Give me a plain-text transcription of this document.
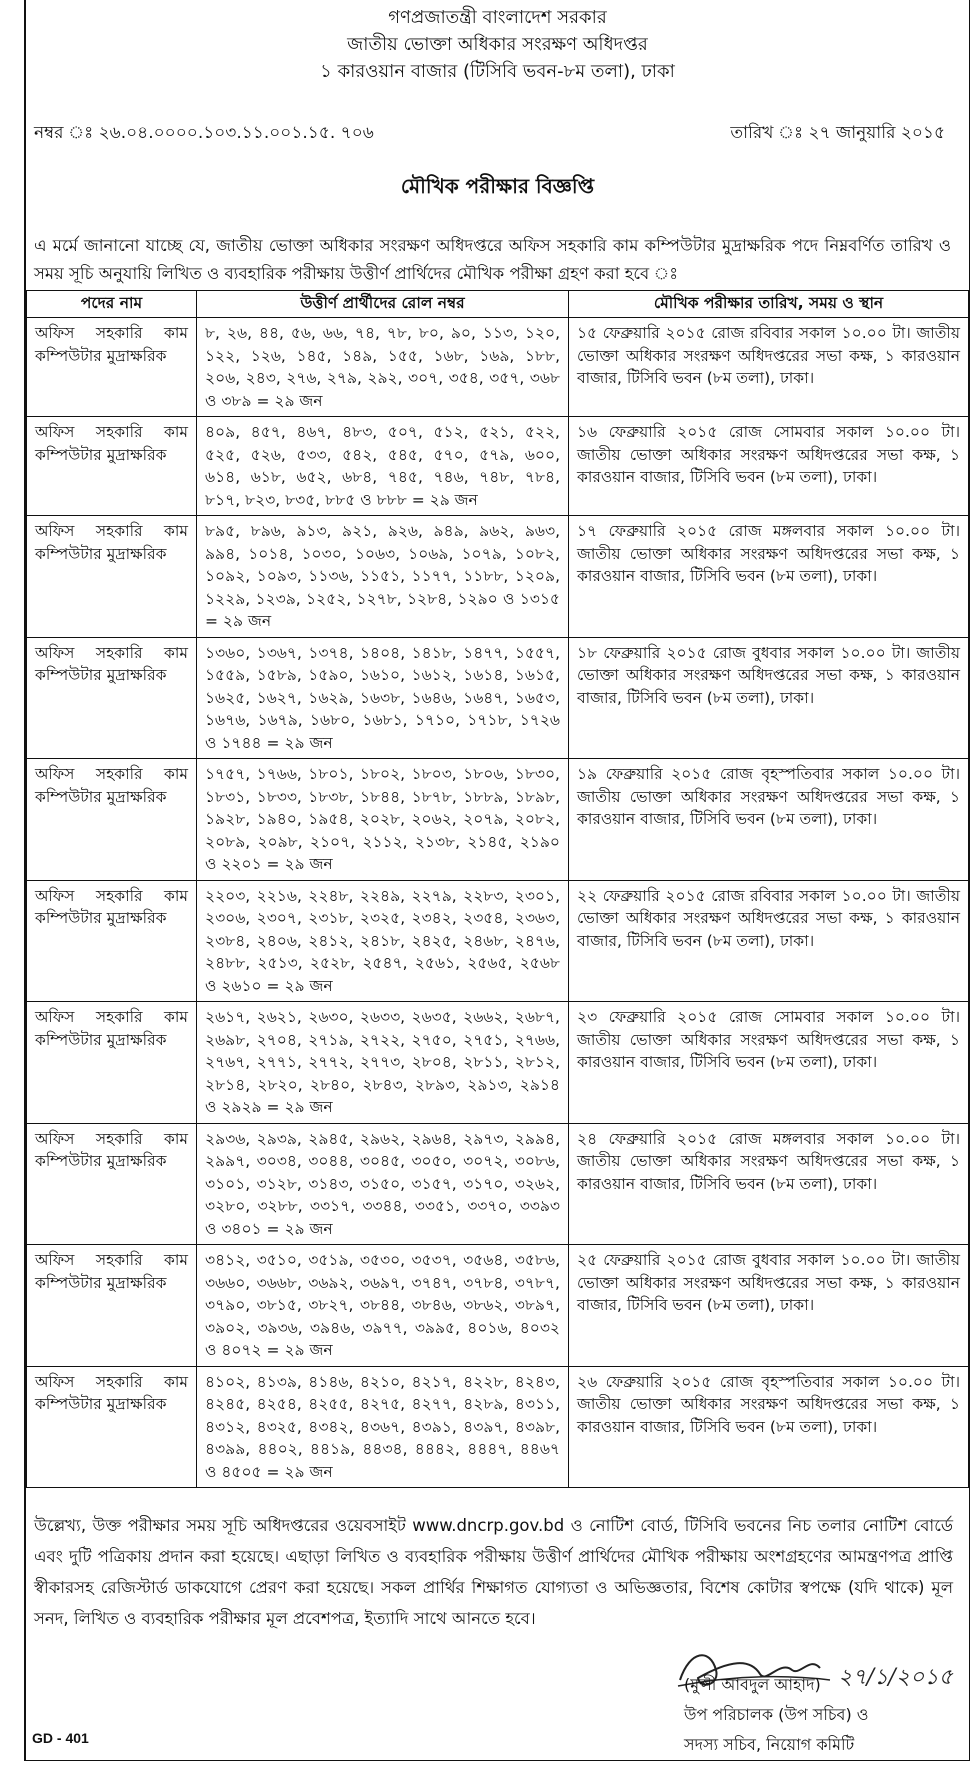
গণপ্রজাতন্ত্রী বাংলাদেশ সরকার
জাতীয় ভোক্তা অধিকার সংরক্ষণ অধিদপ্তর
১ কারওয়ান বাজার (টিসিবি ভবন-৮ম তলা), ঢাকা
নম্বর ঃ ২৬.০৪.০০০০.১০৩.১১.০০১.১৫. ৭০৬	তারিখ ঃ ২৭ জানুয়ারি ২০১৫
মৌখিক পরীক্ষার বিজ্ঞপ্তি
এ মর্মে জানানো যাচ্ছে যে, জাতীয় ভোক্তা অধিকার সংরক্ষণ অধিদপ্তরে অফিস সহকারি কাম কম্পিউটার মুদ্রাক্ষরিক পদে নিম্নবর্ণিত তারিখ ও সময় সূচি অনুযায়ি লিখিত ও ব্যবহারিক পরীক্ষায় উত্তীর্ণ প্রার্থিদের মৌখিক পরীক্ষা গ্রহণ করা হবে ঃ
পদের নাম	উত্তীর্ণ প্রার্থীদের রোল নম্বর	মৌখিক পরীক্ষার তারিখ, সময় ও স্থান
অফিস সহকারি কাম কম্পিউটার মুদ্রাক্ষরিক	৮, ২৬, ৪৪, ৫৬, ৬৬, ৭৪, ৭৮, ৮০, ৯০, ১১৩, ১২০, ১২২, ১২৬, ১৪৫, ১৪৯, ১৫৫, ১৬৮, ১৬৯, ১৮৮, ২০৬, ২৪৩, ২৭৬, ২৭৯, ২৯২, ৩০৭, ৩৫৪, ৩৫৭, ৩৬৮ ও ৩৮৯ = ২৯ জন	১৫ ফেব্রুয়ারি ২০১৫ রোজ রবিবার সকাল ১০.০০ টা। জাতীয় ভোক্তা অধিকার সংরক্ষণ অধিদপ্তরের সভা কক্ষ, ১ কারওয়ান বাজার, টিসিবি ভবন (৮ম তলা), ঢাকা।
অফিস সহকারি কাম কম্পিউটার মুদ্রাক্ষরিক	৪০৯, ৪৫৭, ৪৬৭, ৪৮৩, ৫০৭, ৫১২, ৫২১, ৫২২, ৫২৫, ৫২৬, ৫৩৩, ৫৪২, ৫৪৫, ৫৭০, ৫৭৯, ৬০০, ৬১৪, ৬১৮, ৬৫২, ৬৮৪, ৭৪৫, ৭৪৬, ৭৪৮, ৭৮৪, ৮১৭, ৮২৩, ৮৩৫, ৮৮৫ ও ৮৮৮ = ২৯ জন	১৬ ফেব্রুয়ারি ২০১৫ রোজ সোমবার সকাল ১০.০০ টা। জাতীয় ভোক্তা অধিকার সংরক্ষণ অধিদপ্তরের সভা কক্ষ, ১ কারওয়ান বাজার, টিসিবি ভবন (৮ম তলা), ঢাকা।
অফিস সহকারি কাম কম্পিউটার মুদ্রাক্ষরিক	৮৯৫, ৮৯৬, ৯১৩, ৯২১, ৯২৬, ৯৪৯, ৯৬২, ৯৬৩, ৯৯৪, ১০১৪, ১০৩০, ১০৬৩, ১০৬৯, ১০৭৯, ১০৮২, ১০৯২, ১০৯৩, ১১৩৬, ১১৫১, ১১৭৭, ১১৮৮, ১২০৯, ১২২৯, ১২৩৯, ১২৫২, ১২৭৮, ১২৮৪, ১২৯০ ও ১৩১৫ = ২৯ জন	১৭ ফেব্রুয়ারি ২০১৫ রোজ মঙ্গলবার সকাল ১০.০০ টা। জাতীয় ভোক্তা অধিকার সংরক্ষণ অধিদপ্তরের সভা কক্ষ, ১ কারওয়ান বাজার, টিসিবি ভবন (৮ম তলা), ঢাকা।
অফিস সহকারি কাম কম্পিউটার মুদ্রাক্ষরিক	১৩৬০, ১৩৬৭, ১৩৭৪, ১৪০৪, ১৪১৮, ১৪৭৭, ১৫৫৭, ১৫৫৯, ১৫৮৯, ১৫৯০, ১৬১০, ১৬১২, ১৬১৪, ১৬১৫, ১৬২৫, ১৬২৭, ১৬২৯, ১৬৩৮, ১৬৪৬, ১৬৪৭, ১৬৫৩, ১৬৭৬, ১৬৭৯, ১৬৮০, ১৬৮১, ১৭১০, ১৭১৮, ১৭২৬ ও ১৭৪৪ = ২৯ জন	১৮ ফেব্রুয়ারি ২০১৫ রোজ বুধবার সকাল ১০.০০ টা। জাতীয় ভোক্তা অধিকার সংরক্ষণ অধিদপ্তরের সভা কক্ষ, ১ কারওয়ান বাজার, টিসিবি ভবন (৮ম তলা), ঢাকা।
অফিস সহকারি কাম কম্পিউটার মুদ্রাক্ষরিক	১৭৫৭, ১৭৬৬, ১৮০১, ১৮০২, ১৮০৩, ১৮০৬, ১৮৩০, ১৮৩১, ১৮৩৩, ১৮৩৮, ১৮৪৪, ১৮৭৮, ১৮৮৯, ১৮৯৮, ১৯২৮, ১৯৪০, ১৯৫৪, ২০২৮, ২০৬২, ২০৭৯, ২০৮২, ২০৮৯, ২০৯৮, ২১০৭, ২১১২, ২১৩৮, ২১৪৫, ২১৯০ ও ২২০১ = ২৯ জন	১৯ ফেব্রুয়ারি ২০১৫ রোজ বৃহস্পতিবার সকাল ১০.০০ টা। জাতীয় ভোক্তা অধিকার সংরক্ষণ অধিদপ্তরের সভা কক্ষ, ১ কারওয়ান বাজার, টিসিবি ভবন (৮ম তলা), ঢাকা।
অফিস সহকারি কাম কম্পিউটার মুদ্রাক্ষরিক	২২০৩, ২২১৬, ২২৪৮, ২২৪৯, ২২৭৯, ২২৮৩, ২৩০১, ২৩০৬, ২৩০৭, ২৩১৮, ২৩২৫, ২৩৪২, ২৩৫৪, ২৩৬৩, ২৩৮৪, ২৪০৬, ২৪১২, ২৪১৮, ২৪২৫, ২৪৬৮, ২৪৭৬, ২৪৮৮, ২৫১৩, ২৫২৮, ২৫৪৭, ২৫৬১, ২৫৬৫, ২৫৬৮ ও ২৬১০ = ২৯ জন	২২ ফেব্রুয়ারি ২০১৫ রোজ রবিবার সকাল ১০.০০ টা। জাতীয় ভোক্তা অধিকার সংরক্ষণ অধিদপ্তরের সভা কক্ষ, ১ কারওয়ান বাজার, টিসিবি ভবন (৮ম তলা), ঢাকা।
অফিস সহকারি কাম কম্পিউটার মুদ্রাক্ষরিক	২৬১৭, ২৬২১, ২৬৩০, ২৬৩৩, ২৬৩৫, ২৬৬২, ২৬৮৭, ২৬৯৮, ২৭০৪, ২৭১৯, ২৭২২, ২৭৫০, ২৭৫১, ২৭৬৬, ২৭৬৭, ২৭৭১, ২৭৭২, ২৭৭৩, ২৮০৪, ২৮১১, ২৮১২, ২৮১৪, ২৮২০, ২৮৪০, ২৮৪৩, ২৮৯৩, ২৯১৩, ২৯১৪ ও ২৯২৯ = ২৯ জন	২৩ ফেব্রুয়ারি ২০১৫ রোজ সোমবার সকাল ১০.০০ টা। জাতীয় ভোক্তা অধিকার সংরক্ষণ অধিদপ্তরের সভা কক্ষ, ১ কারওয়ান বাজার, টিসিবি ভবন (৮ম তলা), ঢাকা।
অফিস সহকারি কাম কম্পিউটার মুদ্রাক্ষরিক	২৯৩৬, ২৯৩৯, ২৯৪৫, ২৯৬২, ২৯৬৪, ২৯৭৩, ২৯৯৪, ২৯৯৭, ৩০৩৪, ৩০৪৪, ৩০৪৫, ৩০৫০, ৩০৭২, ৩০৮৬, ৩১০১, ৩১২৮, ৩১৪৩, ৩১৫০, ৩১৫৭, ৩১৭০, ৩২৬২, ৩২৮০, ৩২৮৮, ৩৩১৭, ৩৩৪৪, ৩৩৫১, ৩৩৭০, ৩৩৯৩ ও ৩৪০১ = ২৯ জন	২৪ ফেব্রুয়ারি ২০১৫ রোজ মঙ্গলবার সকাল ১০.০০ টা। জাতীয় ভোক্তা অধিকার সংরক্ষণ অধিদপ্তরের সভা কক্ষ, ১ কারওয়ান বাজার, টিসিবি ভবন (৮ম তলা), ঢাকা।
অফিস সহকারি কাম কম্পিউটার মুদ্রাক্ষরিক	৩৪১২, ৩৫১০, ৩৫১৯, ৩৫৩০, ৩৫৩৭, ৩৫৬৪, ৩৫৮৬, ৩৬৬০, ৩৬৬৮, ৩৬৯২, ৩৬৯৭, ৩৭৪৭, ৩৭৮৪, ৩৭৮৭, ৩৭৯০, ৩৮১৫, ৩৮২৭, ৩৮৪৪, ৩৮৪৬, ৩৮৬২, ৩৮৯৭, ৩৯০২, ৩৯৩৬, ৩৯৪৬, ৩৯৭৭, ৩৯৯৫, ৪০১৬, ৪০৩২ ও ৪০৭২ = ২৯ জন	২৫ ফেব্রুয়ারি ২০১৫ রোজ বুধবার সকাল ১০.০০ টা। জাতীয় ভোক্তা অধিকার সংরক্ষণ অধিদপ্তরের সভা কক্ষ, ১ কারওয়ান বাজার, টিসিবি ভবন (৮ম তলা), ঢাকা।
অফিস সহকারি কাম কম্পিউটার মুদ্রাক্ষরিক	৪১০২, ৪১৩৯, ৪১৪৬, ৪২১০, ৪২১৭, ৪২২৮, ৪২৪৩, ৪২৪৫, ৪২৫৪, ৪২৫৫, ৪২৭৫, ৪২৭৭, ৪২৮৯, ৪৩১১, ৪৩১২, ৪৩২৫, ৪৩৪২, ৪৩৬৭, ৪৩৯১, ৪৩৯৭, ৪৩৯৮, ৪৩৯৯, ৪৪০২, ৪৪১৯, ৪৪৩৪, ৪৪৪২, ৪৪৪৭, ৪৪৬৭ ও ৪৫০৫ = ২৯ জন	২৬ ফেব্রুয়ারি ২০১৫ রোজ বৃহস্পতিবার সকাল ১০.০০ টা। জাতীয় ভোক্তা অধিকার সংরক্ষণ অধিদপ্তরের সভা কক্ষ, ১ কারওয়ান বাজার, টিসিবি ভবন (৮ম তলা), ঢাকা।
উল্লেখ্য, উক্ত পরীক্ষার সময় সূচি অধিদপ্তরের ওয়েবসাইট www.dncrp.gov.bd ও নোটিশ বোর্ড, টিসিবি ভবনের নিচ তলার নোটিশ বোর্ডে এবং দুটি পত্রিকায় প্রদান করা হয়েছে। এছাড়া লিখিত ও ব্যবহারিক পরীক্ষায় উত্তীর্ণ প্রার্থিদের মৌখিক পরীক্ষায় অংশগ্রহণের আমন্ত্রণপত্র প্রাপ্তি স্বীকারসহ রেজিস্টার্ড ডাকযোগে প্রেরণ করা হয়েছে। সকল প্রার্থির শিক্ষাগত যোগ্যতা ও অভিজ্ঞতার, বিশেষ কোটার স্বপক্ষে (যদি থাকে) মূল সনদ, লিখিত ও ব্যবহারিক পরীক্ষার মূল প্রবেশপত্র, ইত্যাদি সাথে আনতে হবে।
২৭/১/২০১৫
(মুন্সী আবদুল আহাদ)
উপ পরিচালক (উপ সচিব) ও
সদস্য সচিব, নিয়োগ কমিটি
GD - 401
